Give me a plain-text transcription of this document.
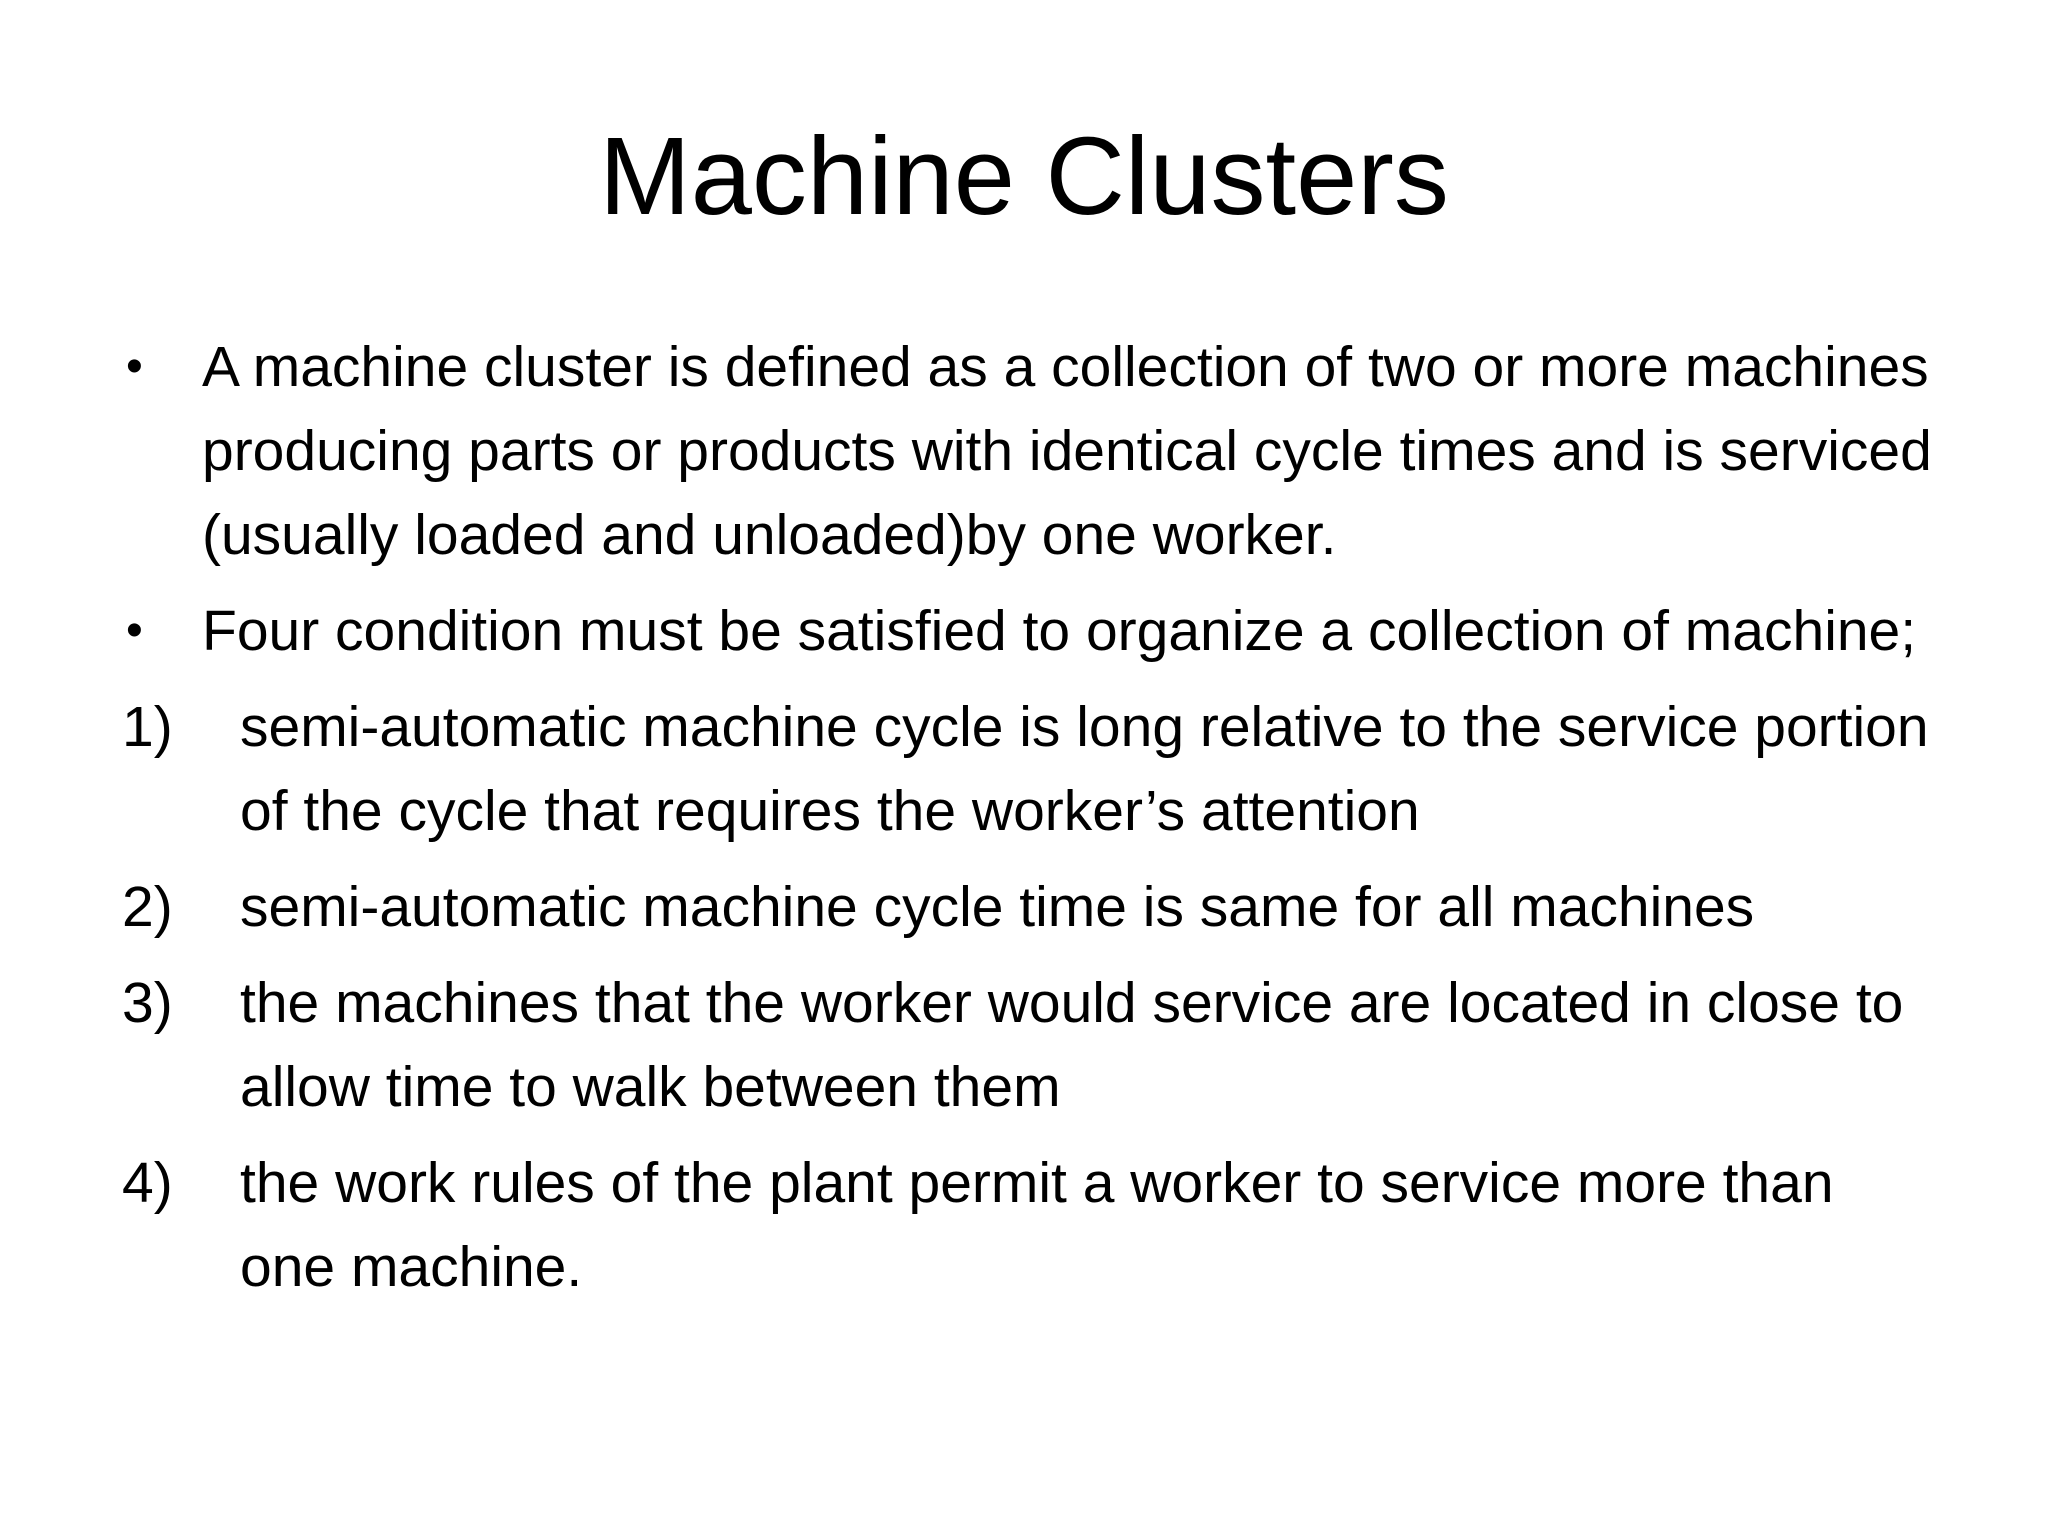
Machine Clusters

• A machine cluster is defined as a collection of two or more machines producing parts or products with identical cycle times and is serviced (usually loaded and unloaded)by one worker.

• Four condition must be satisfied to organize a collection of machine;

1) semi-automatic machine cycle is long relative to the service portion of the cycle that requires the worker’s attention

2) semi-automatic machine cycle time is same for all machines

3) the machines that the worker would service are located in close to allow time to walk between them

4) the work rules of the plant permit a worker to service more than one machine.
